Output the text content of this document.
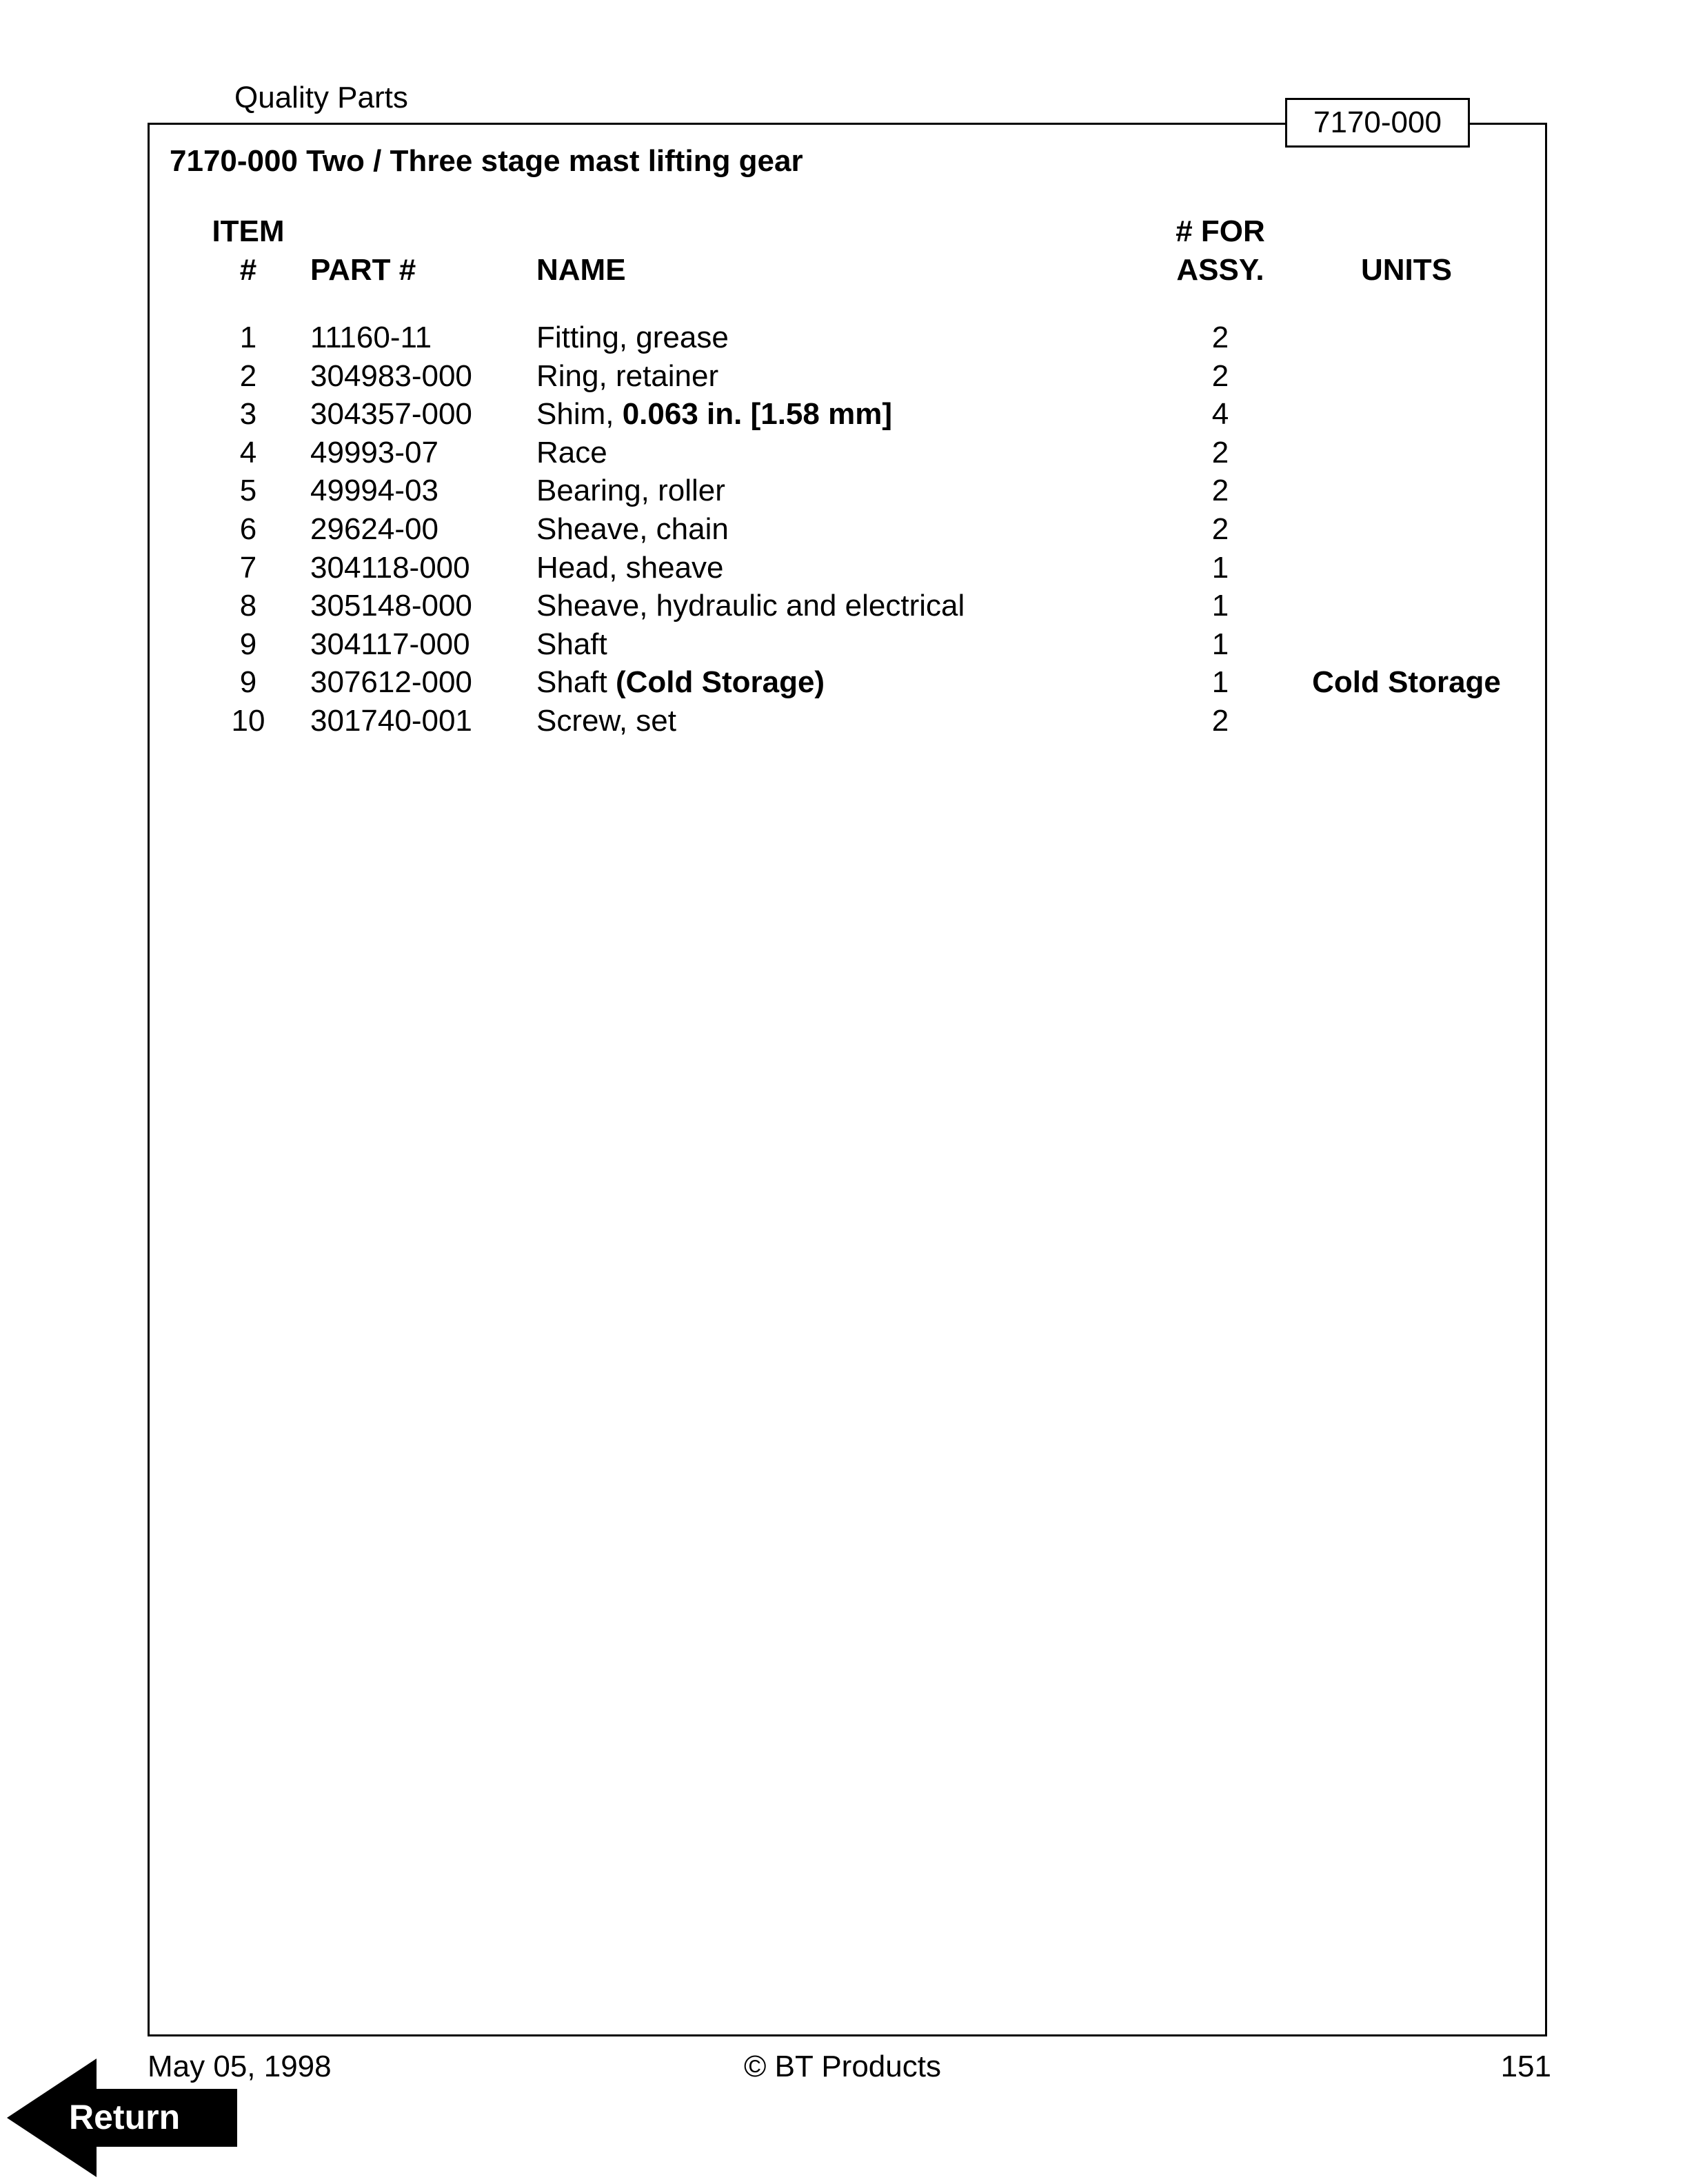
Quality Parts
7170-000
7170-000 Two / Three stage mast lifting gear
ITEM
#	PART #	NAME
# FOR
ASSY.	UNITS
1	11160-11	Fitting, grease	2
2	304983-000 Ring, retainer	2
3	304357-000 Shim, 0.063 in. [1.58 mm]	4
4	49993-07	Race	2
5	49994-03	Bearing, roller	2
6	29624-00	Sheave, chain	2
7	304118-000 Head, sheave	1
8	305148-000 Sheave, hydraulic and electrical	1
9	304117-000 Shaft	1
9	307612-000 Shaft (Cold Storage)	1	Cold Storage
10	301740-001 Screw, set	2
May 05, 1998	© BT Products	151
Return
